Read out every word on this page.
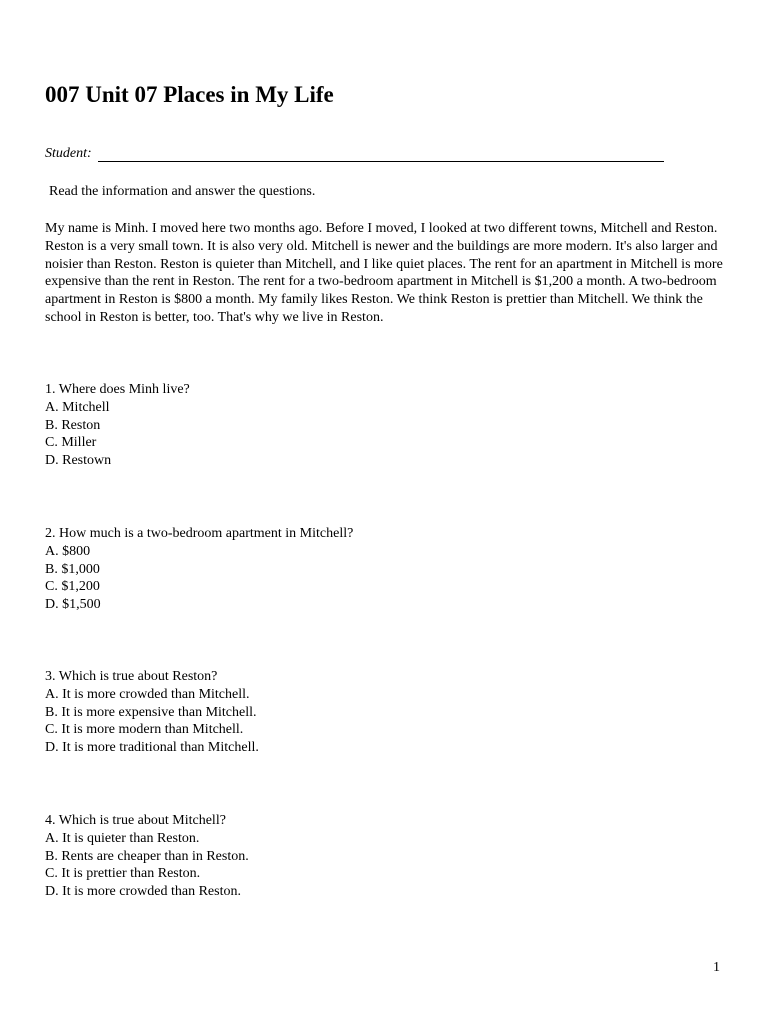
007 Unit 07 Places in My Life
Student:
Read the information and answer the questions.

My name is Minh. I moved here two months ago. Before I moved, I looked at two different towns, Mitchell and Reston. Reston is a very small town. It is also very old. Mitchell is newer and the buildings are more modern. It's also larger and noisier than Reston. Reston is quieter than Mitchell, and I like quiet places. The rent for an apartment in Mitchell is more expensive than the rent in Reston. The rent for a two-bedroom apartment in Mitchell is $1,200 a month. A two-bedroom apartment in Reston is $800 a month. My family likes Reston. We think Reston is prettier than Mitchell. We think the school in Reston is better, too. That's why we live in Reston.

1. Where does Minh live?
A. Mitchell
B. Reston
C. Miller
D. Restown
2. How much is a two-bedroom apartment in Mitchell?
A. $800
B. $1,000
C. $1,200
D. $1,500
3. Which is true about Reston?
A. It is more crowded than Mitchell.
B. It is more expensive than Mitchell.
C. It is more modern than Mitchell.
D. It is more traditional than Mitchell.
4. Which is true about Mitchell?
A. It is quieter than Reston.
B. Rents are cheaper than in Reston.
C. It is prettier than Reston.
D. It is more crowded than Reston.
1
